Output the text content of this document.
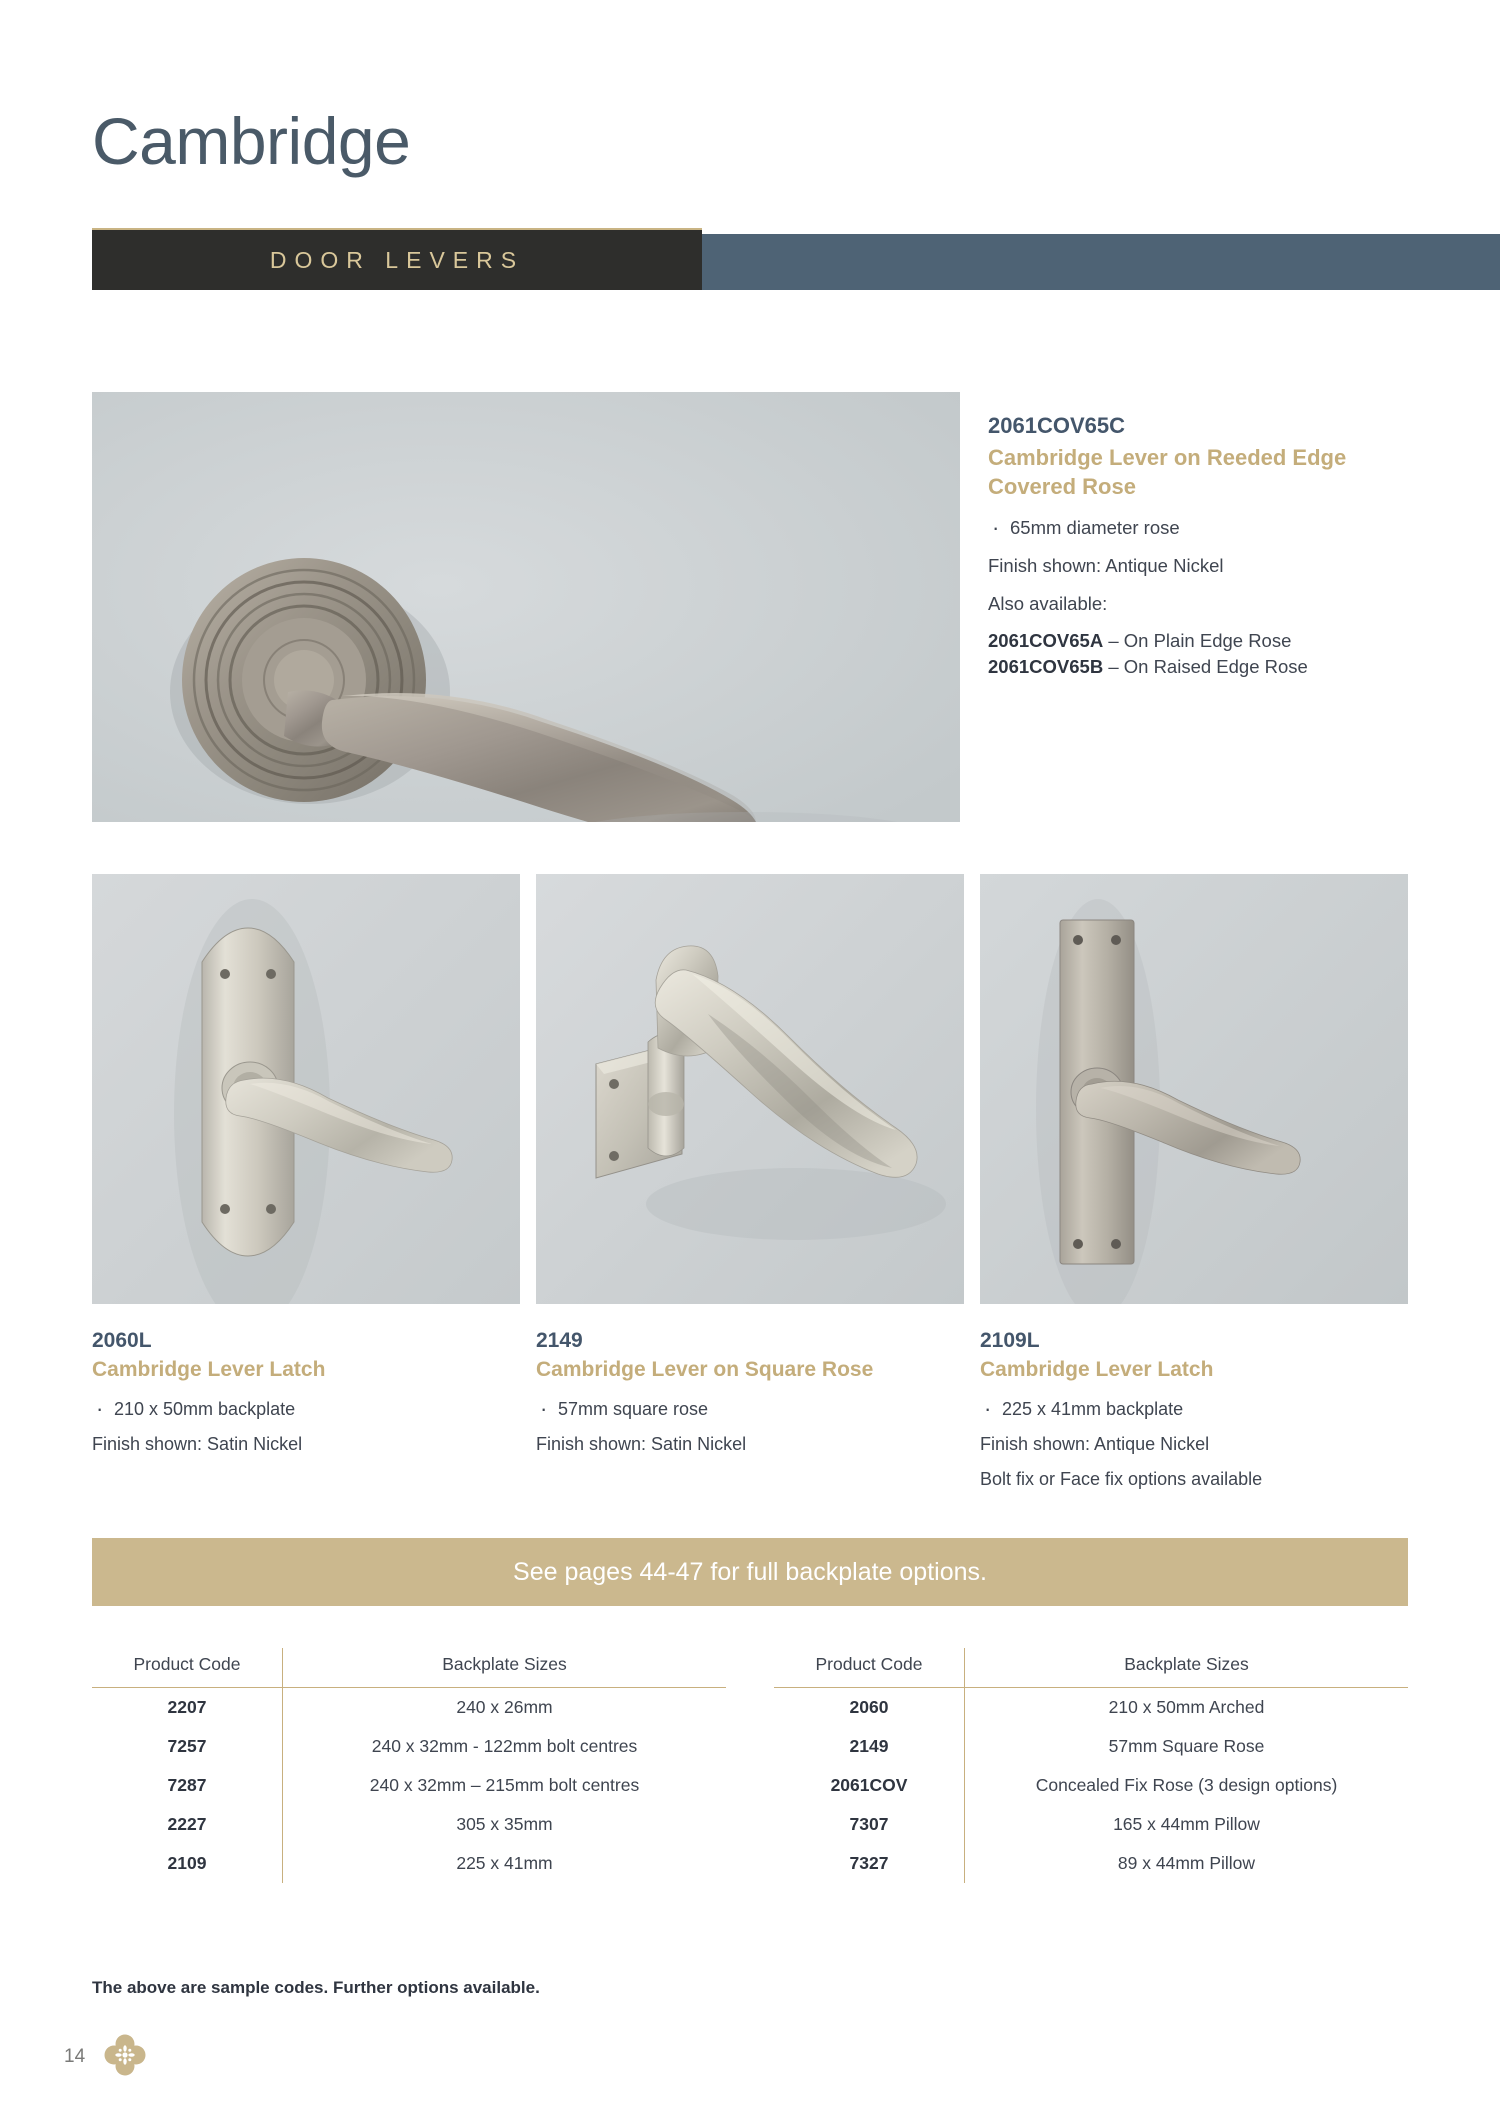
Cambridge
DOOR LEVERS
2061COV65C
Cambridge Lever on Reeded Edge
Covered Rose
· 65mm diameter rose
Finish shown: Antique Nickel
Also available:
2061COV65A – On Plain Edge Rose
2061COV65B – On Raised Edge Rose
2060L
Cambridge Lever Latch
· 210 x 50mm backplate
Finish shown: Satin Nickel
2149
Cambridge Lever on Square Rose
· 57mm square rose
Finish shown: Satin Nickel
2109L
Cambridge Lever Latch
· 225 x 41mm backplate
Finish shown: Antique Nickel
Bolt fix or Face fix options available
See pages 44-47 for full backplate options.
Product Code	Backplate Sizes
2207	240 x 26mm
7257	240 x 32mm - 122mm bolt centres
7287	240 x 32mm – 215mm bolt centres
2227	305 x 35mm
2109	225 x 41mm
Product Code	Backplate Sizes
2060	210 x 50mm Arched
2149	57mm Square Rose
2061COV	Concealed Fix Rose (3 design options)
7307	165 x 44mm Pillow
7327	89 x 44mm Pillow
The above are sample codes. Further options available.
14
